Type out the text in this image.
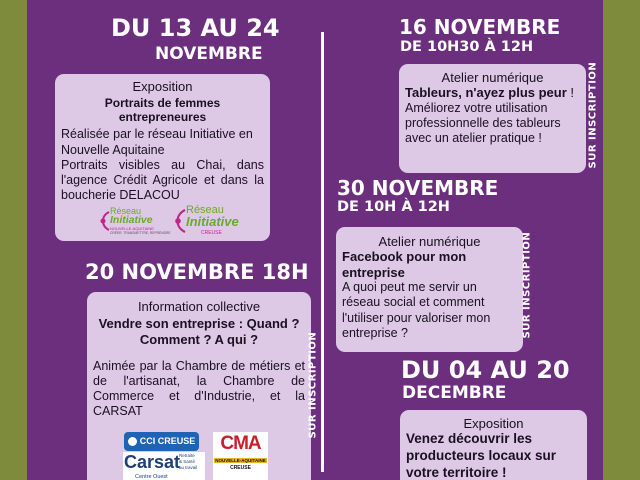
DU 13 AU 24
NOVEMBRE
Exposition
Portraits de femmes entrepreneures
Réalisée par le réseau Initiative en Nouvelle Aquitaine
Portraits visibles au Chai, dans l'agence Crédit Agricole et dans la boucherie DELACOU
Réseau
Initiative
NOUVELLE-AQUITAINE
CRÉER, TRANSMETTRE, REPRENDRE
Réseau
Initiative
CREUSE
20 NOVEMBRE 18H
Information collective
Vendre son entreprise : Quand ? Comment ? A qui ?
Animée par la Chambre de métiers et de l'artisanat, la Chambre de Commerce et d'Industrie, et la CARSAT
CCI CREUSE
Carsat
Retraite
& Santé
au travail
Centre Ouest
CMA
NOUVELLE-AQUITAINE
CREUSE
SUR INSCRIPTION
16 NOVEMBRE
DE 10H30 À 12H
Atelier numérique
Tableurs, n'ayez plus peur !
Améliorez votre utilisation professionnelle des tableurs avec un atelier pratique !	SUR INSCRIPTION
30 NOVEMBRE
DE 10H À 12H
Atelier numérique
Facebook pour mon entreprise
A quoi peut me servir un réseau social et comment l'utiliser pour valoriser mon entreprise ?	SUR INSCRIPTION
DU 04 AU 20
DECEMBRE
Exposition
Venez découvrir les producteurs locaux sur votre territoire !
